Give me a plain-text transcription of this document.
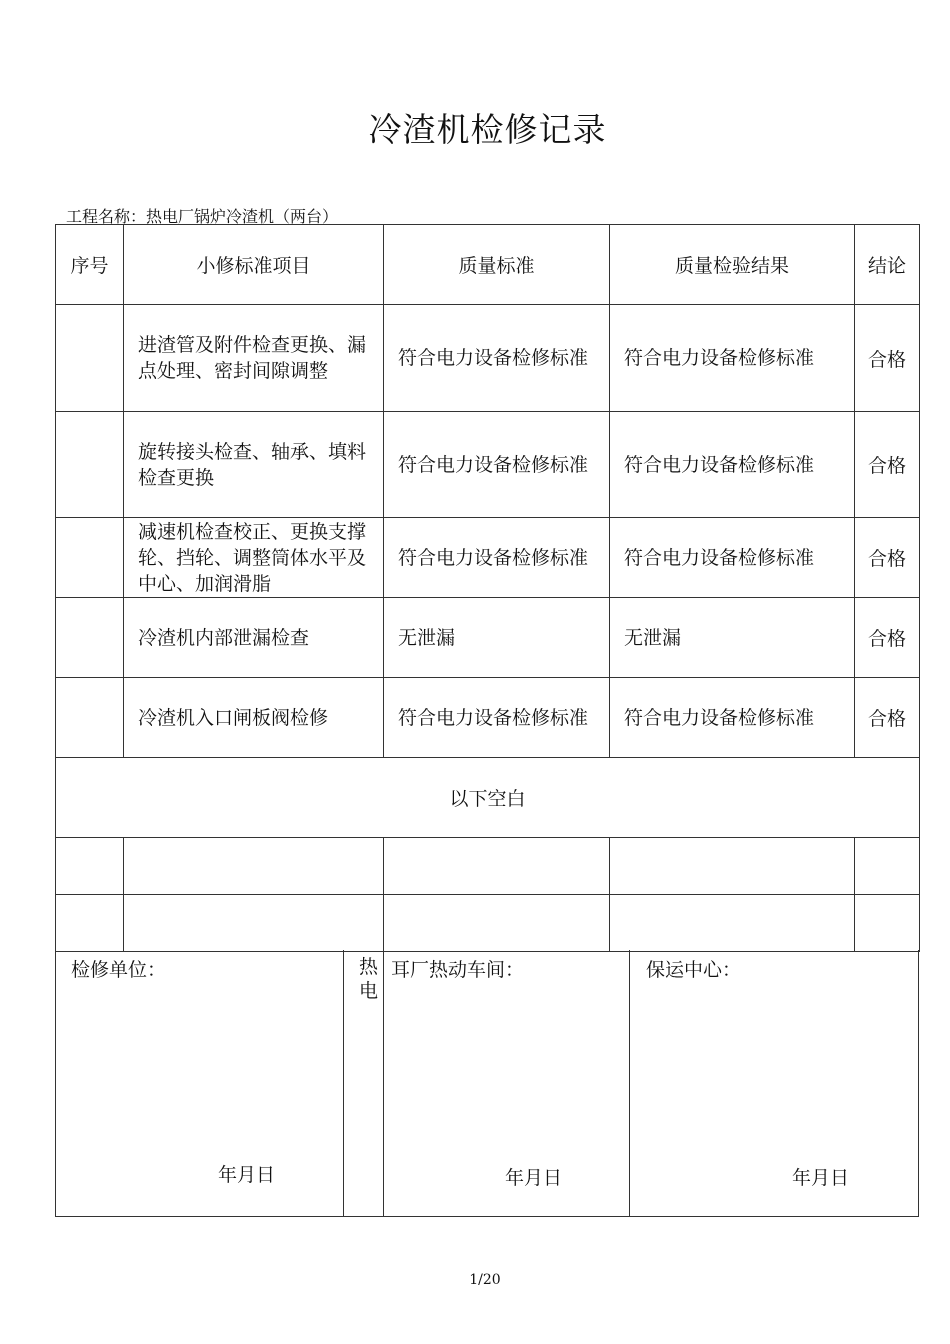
冷渣机检修记录
工程名称：热电厂锅炉冷渣机（两台）
序号	小修标准项目	质量标准	质量检验结果	结论
	进渣管及附件检查更换、漏点处理、密封间隙调整	符合电力设备检修标准	符合电力设备检修标准	合格
	旋转接头检查、轴承、填料检查更换	符合电力设备检修标准	符合电力设备检修标准	合格
	减速机检查校正、更换支撑轮、挡轮、调整筒体水平及中心、加润滑脂	符合电力设备检修标准	符合电力设备检修标准	合格
	冷渣机内部泄漏检查	无泄漏	无泄漏	合格
	冷渣机入口闸板阀检修	符合电力设备检修标准	符合电力设备检修标准	合格
以下空白				

检修单位：
年月日
热电
耳厂热动车间：
年月日
保运中心：
年月日
1/20
